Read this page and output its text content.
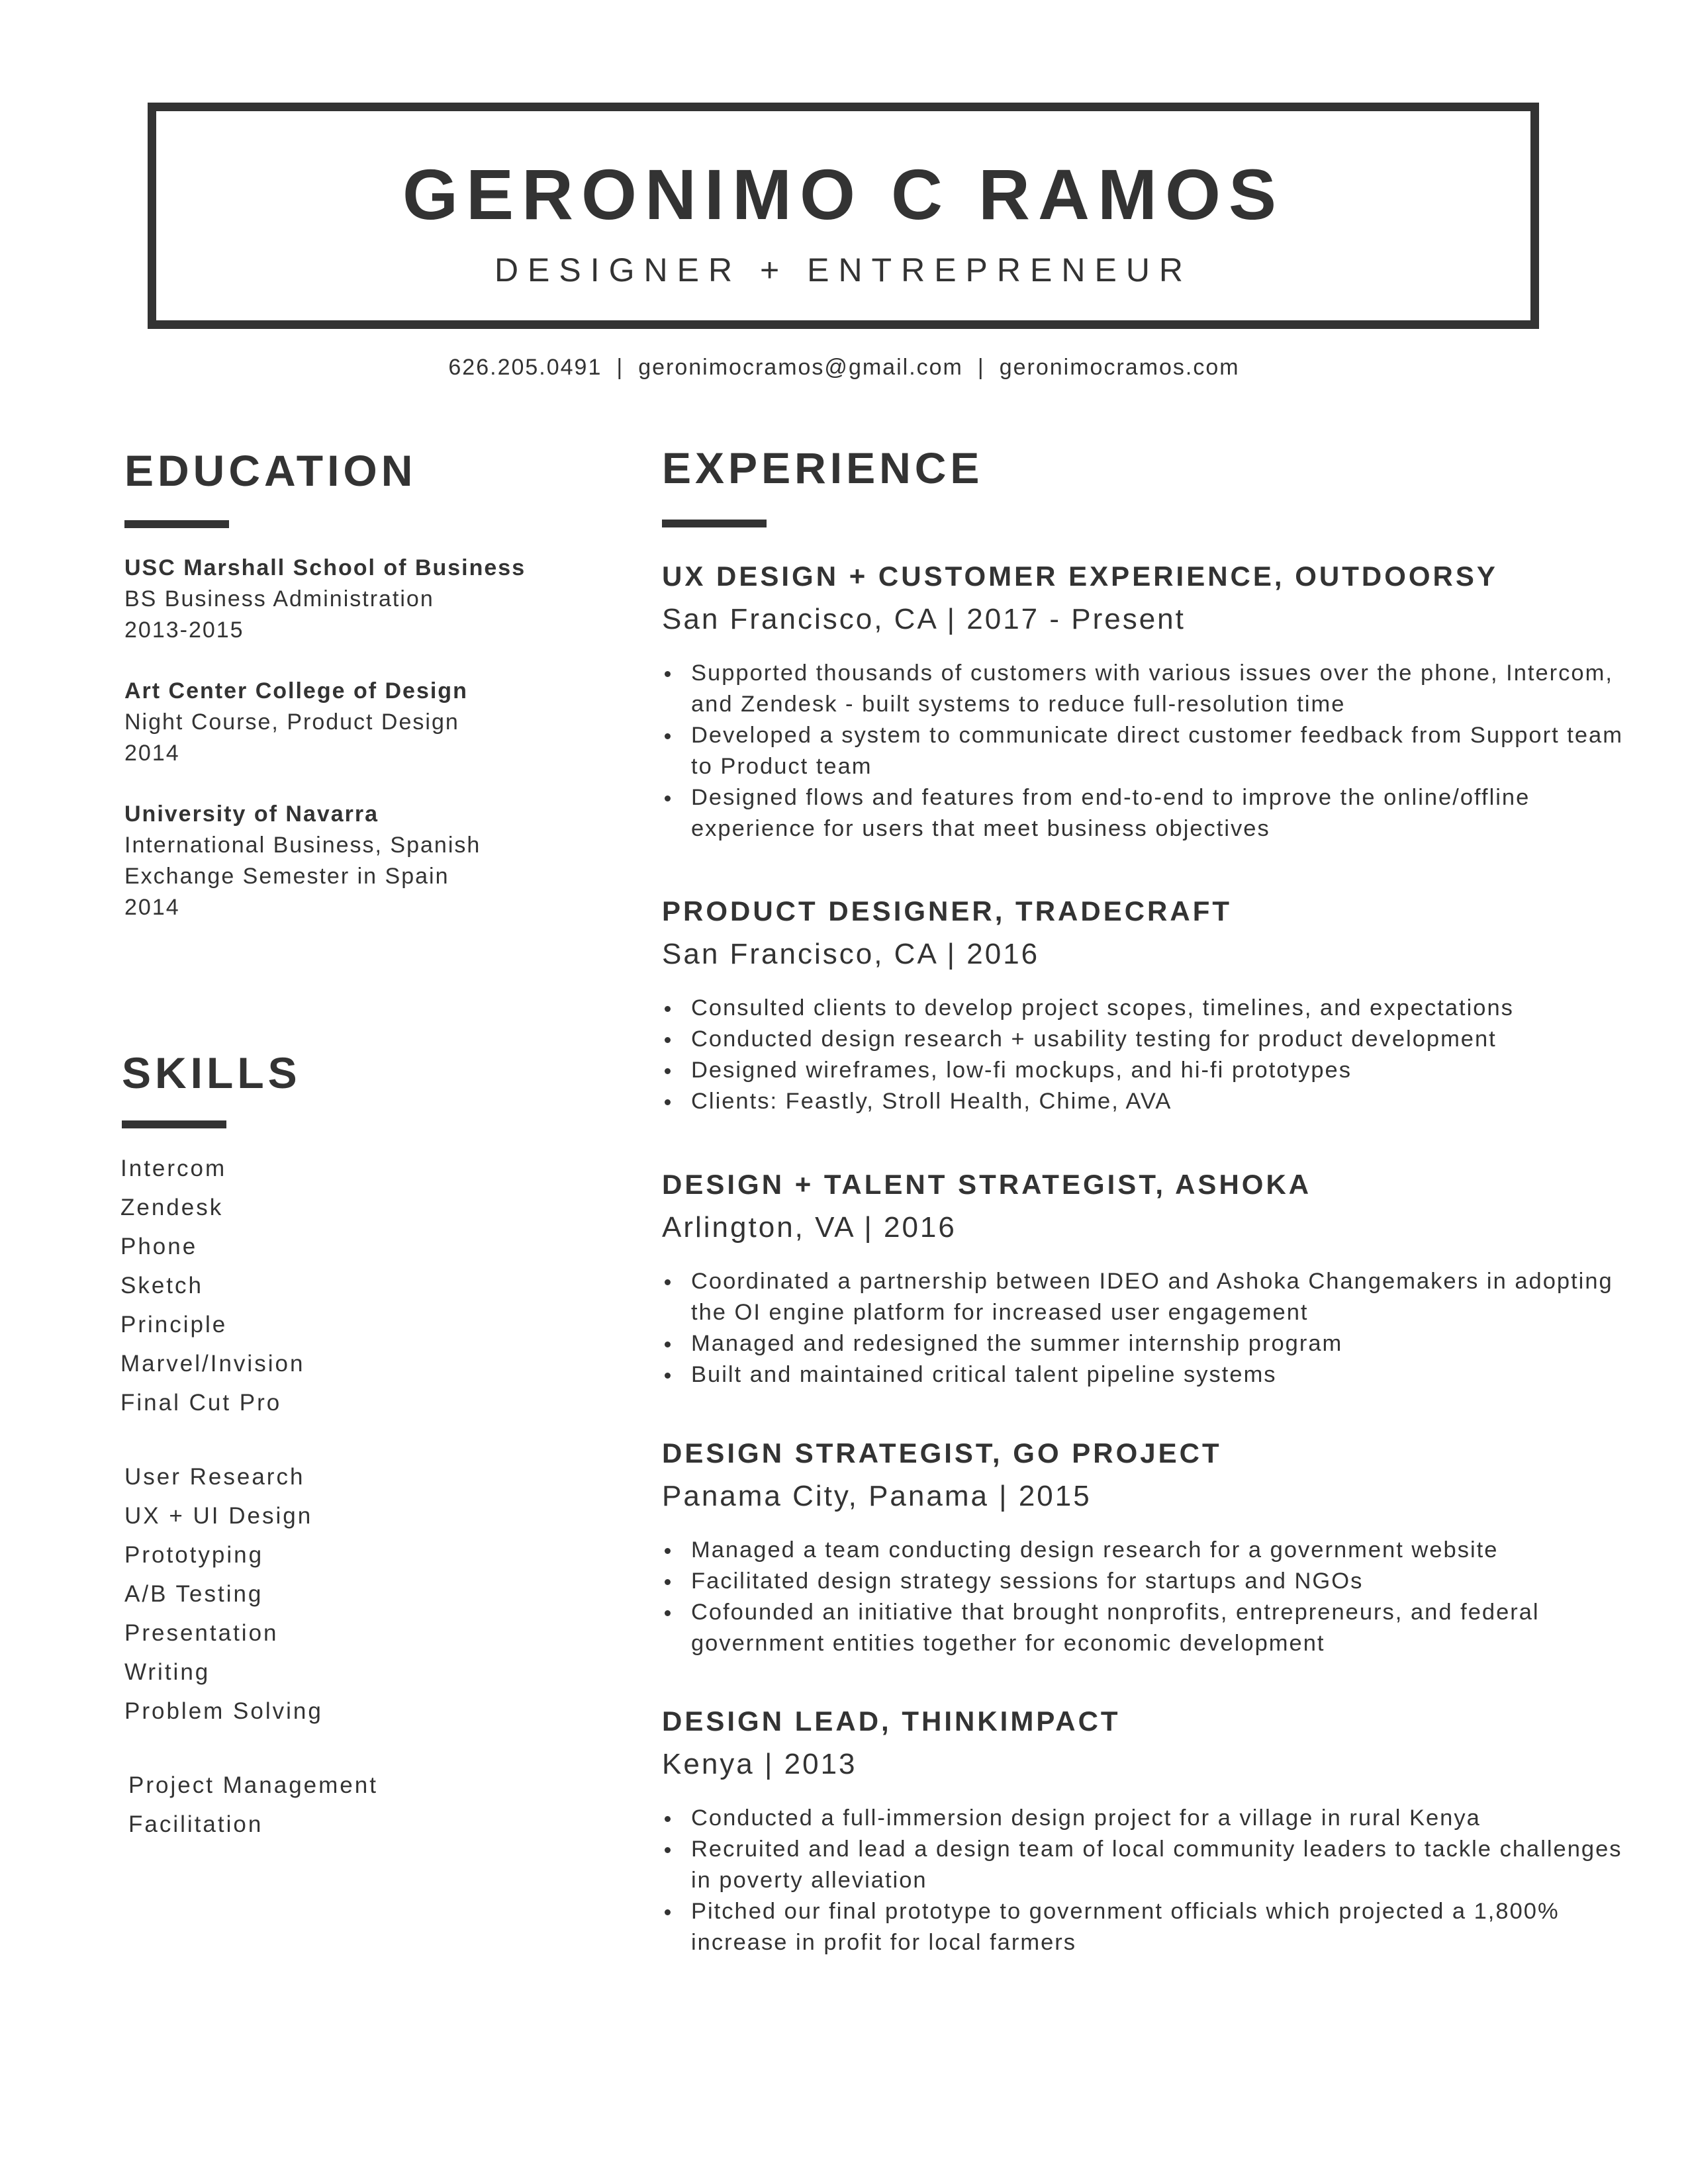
GERONIMO C RAMOS
DESIGNER + ENTREPRENEUR
626.205.0491 | geronimocramos@gmail.com | geronimocramos.com
EDUCATION
USC Marshall School of Business
BS Business Administration
2013-2015
Art Center College of Design
Night Course, Product Design
2014
University of Navarra
International Business, Spanish
Exchange Semester in Spain
2014
SKILLS
Intercom
Zendesk
Phone
Sketch
Principle
Marvel/Invision
Final Cut Pro
User Research
UX + UI Design
Prototyping
A/B Testing
Presentation
Writing
Problem Solving
Project Management
Facilitation
EXPERIENCE
UX DESIGN + CUSTOMER EXPERIENCE, OUTDOORSY
San Francisco, CA | 2017 - Present
Supported thousands of customers with various issues over the phone, Intercom, and Zendesk - built systems to reduce full-resolution time
Developed a system to communicate direct customer feedback from Support team to Product team
Designed flows and features from end-to-end to improve the online/offline experience for users that meet business objectives
PRODUCT DESIGNER, TRADECRAFT
San Francisco, CA | 2016
Consulted clients to develop project scopes, timelines, and expectations
Conducted design research + usability testing for product development
Designed wireframes, low-fi mockups, and hi-fi prototypes
Clients: Feastly, Stroll Health, Chime, AVA
DESIGN + TALENT STRATEGIST, ASHOKA
Arlington, VA | 2016
Coordinated a partnership between IDEO and Ashoka Changemakers in adopting the OI engine platform for increased user engagement
Managed and redesigned the summer internship program
Built and maintained critical talent pipeline systems
DESIGN STRATEGIST, GO PROJECT
Panama City, Panama | 2015
Managed a team conducting design research for a government website
Facilitated design strategy sessions for startups and NGOs
Cofounded an initiative that brought nonprofits, entrepreneurs, and federal government entities together for economic development
DESIGN LEAD, THINKIMPACT
Kenya | 2013
Conducted a full-immersion design project for a village in rural Kenya
Recruited and lead a design team of local community leaders to tackle challenges in poverty alleviation
Pitched our final prototype to government officials which projected a 1,800% increase in profit for local farmers
